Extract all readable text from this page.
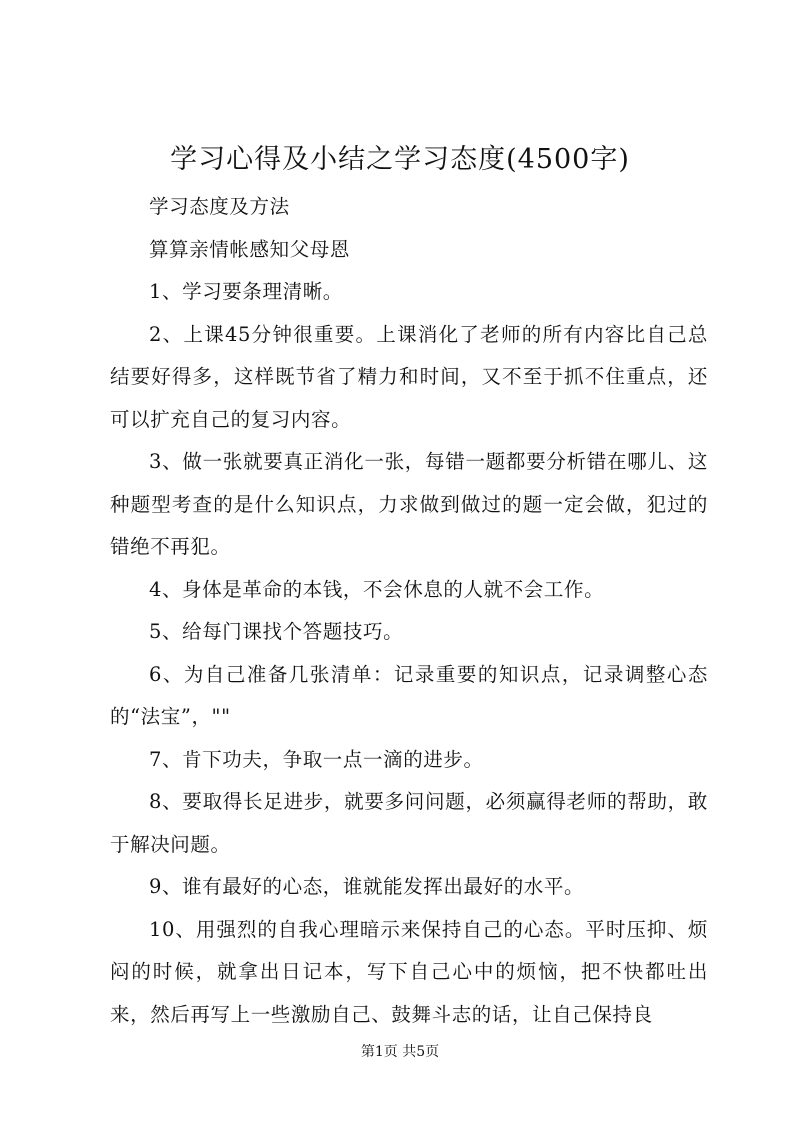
学习心得及小结之学习态度(4500字)

学习态度及方法

算算亲情帐感知父母恩

1、学习要条理清晰。

2、上课45分钟很重要。上课消化了老师的所有内容比自己总结要好得多，这样既节省了精力和时间，又不至于抓不住重点，还可以扩充自己的复习内容。

3、做一张就要真正消化一张，每错一题都要分析错在哪儿、这种题型考查的是什么知识点，力求做到做过的题一定会做，犯过的错绝不再犯。

4、身体是革命的本钱，不会休息的人就不会工作。

5、给每门课找个答题技巧。

6、为自己准备几张清单：记录重要的知识点，记录调整心态的“法宝”，""

7、肯下功夫，争取一点一滴的进步。

8、要取得长足进步，就要多问问题，必须赢得老师的帮助，敢于解决问题。

9、谁有最好的心态，谁就能发挥出最好的水平。

10、用强烈的自我心理暗示来保持自己的心态。平时压抑、烦闷的时候，就拿出日记本，写下自己心中的烦恼，把不快都吐出来，然后再写上一些激励自己、鼓舞斗志的话，让自己保持良

第1页 共5页
